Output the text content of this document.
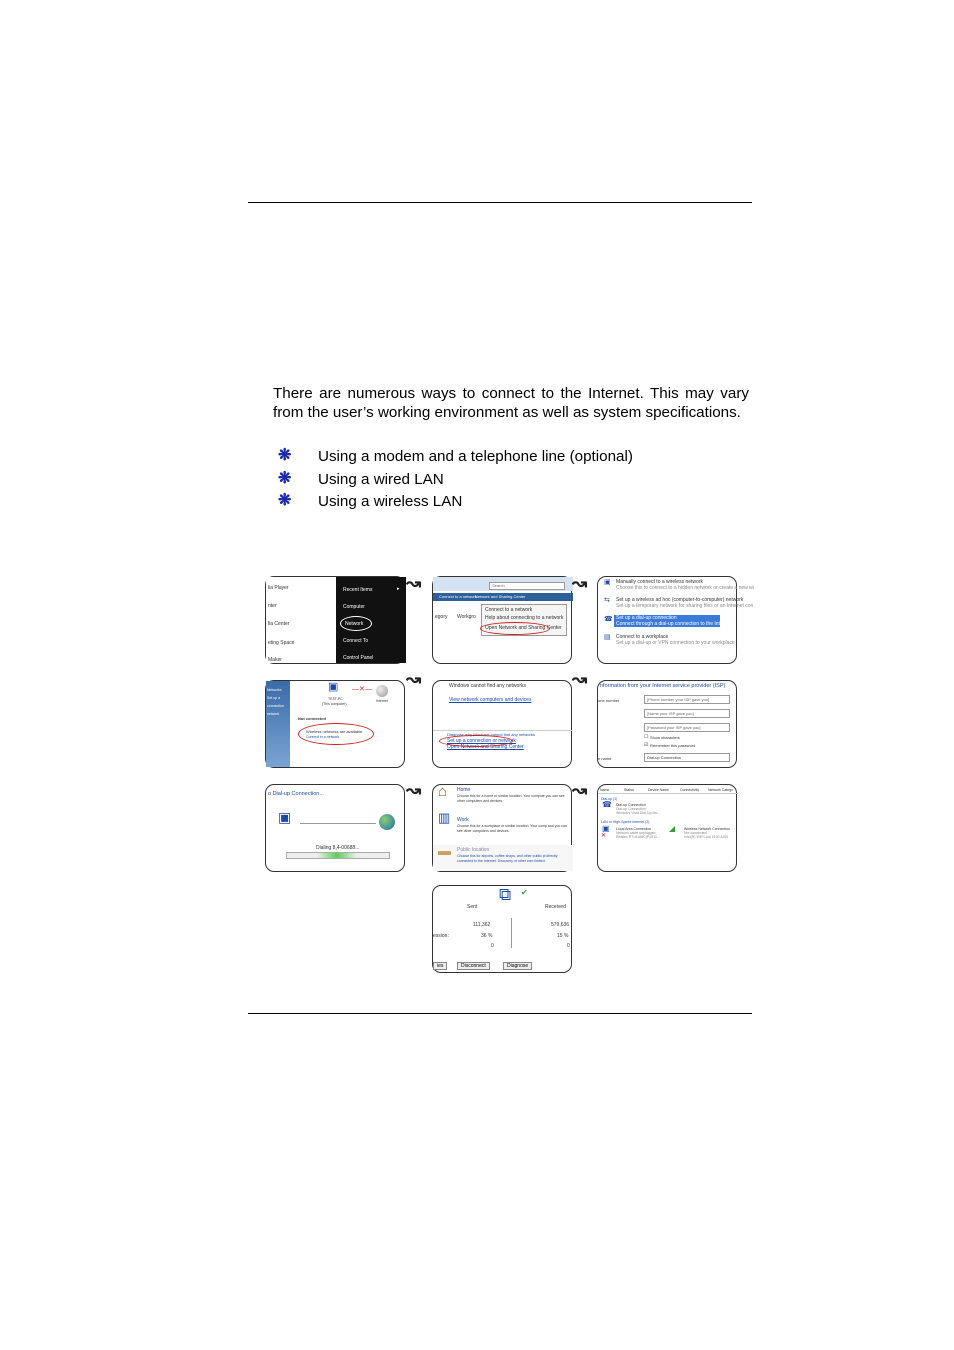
There are numerous ways to connect to the Internet. This may vary from the user’s working environment as well as system specifications.

❋ Using a modem and a telephone line (optional)
❋ Using a wired LAN
❋ Using a wireless LAN
lia Player
nter
lia Center
eting Space
Maker
Recent Items	▸
Computer
Network
Connect To
Control Panel
↝	Search
Connect to a network
Network and Sharing Center
egory Workgro
Connect to a network
Help about connecting to a network
Open Network and Sharing Center
↝ ▣ Manually connect to a wireless network
Choose this to connect to a hidden network or create a new wi
⇆ Set up a wireless ad hoc (computer-to-computer) network
Set up a temporary network for sharing files or an Internet con
☎ Set up a dial-up connection
Connect through a dial-up connection to the Internet
▤ Connect to a workplace
Set up a dial-up or VPN connection to your workplace
Networks
Set up a
connection
network
▣
TEST-PC
(This computer)
—✕—
Internet
Not connected
Wireless networks are available.
Connect to a network
↝	Windows cannot find any networks
View network computers and devices
Diagnose why Windows cannot find any networks
Set up a connection or network
Open Network and Sharing Center
↝ nformation from your Internet service provider (ISP)
one number	[Phone number your ISP gave you]
[Name your ISP gave you]
[Password your ISP gave you]
☐ Show characters
☑ Remember this password
n name	Dial-up Connection
o Dial-up Connection...
▣
Dialing 8,4-00688...
↝ ⌂ Home
Choose this for a home or similar location. Your compute you can see other computers and devices.
▥ Work
Choose this for a workplace or similar location. Your comp and you can see other computers and devices.
▬ Public location
Choose this for airports, coffee shops, and other public pl directly connected to the Internet. Discovery of other com limited.
↝	Name	Status	Device Name	Connectivity	Network Catego
Dial-up (1)
☎ Dial-up Connection
Dial-up Connection
Windows Vista Dial-Up Mo...
LAN or High-Speed Internet (2)
▣
✕
Local Area Connection
Network cable unplugged
Realtek RTL8168C(P)/811...
◢	Wireless Network Connection
Not connected
Intel(R) WiFi Link 5100 AGN
Sent
⧉ ✔
Received
111,362	579,636
ession:	36 %	15 %
0	0
ies	Disconnect	Diagnose
